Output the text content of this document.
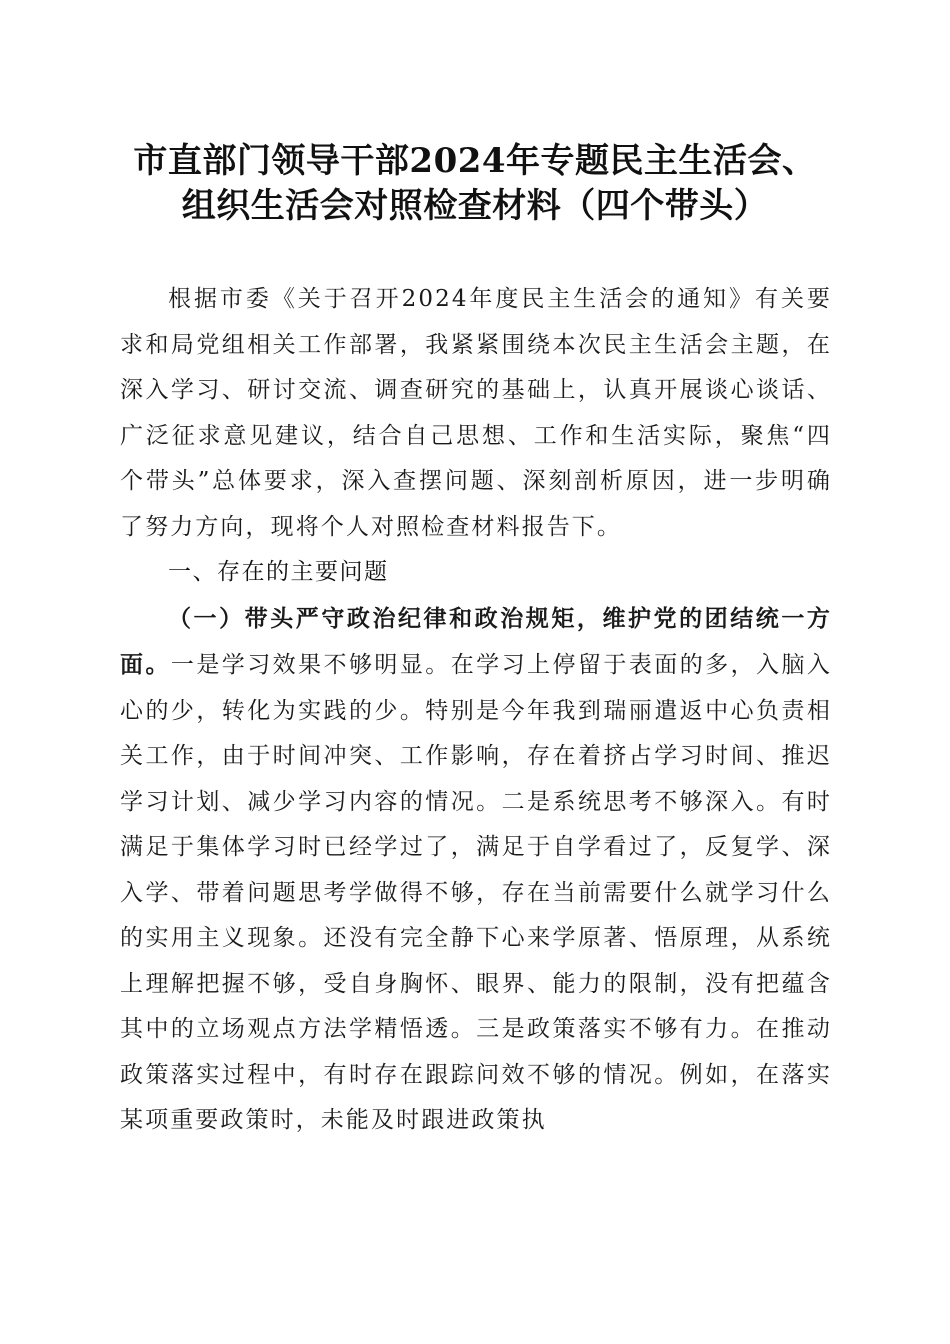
市直部门领导干部2024年专题民主生活会、
组织生活会对照检查材料（四个带头）

根据市委《关于召开2024年度民主生活会的通知》有关要求和局党组相关工作部署，我紧紧围绕本次民主生活会主题，在深入学习、研讨交流、调查研究的基础上，认真开展谈心谈话、广泛征求意见建议，结合自己思想、工作和生活实际，聚焦“四个带头”总体要求，深入查摆问题、深刻剖析原因，进一步明确了努力方向，现将个人对照检查材料报告下。

一、存在的主要问题

（一）带头严守政治纪律和政治规矩，维护党的团结统一方面。一是学习效果不够明显。在学习上停留于表面的多，入脑入心的少，转化为实践的少。特别是今年我到瑞丽遣返中心负责相关工作，由于时间冲突、工作影响，存在着挤占学习时间、推迟学习计划、减少学习内容的情况。二是系统思考不够深入。有时满足于集体学习时已经学过了，满足于自学看过了，反复学、深入学、带着问题思考学做得不够，存在当前需要什么就学习什么的实用主义现象。还没有完全静下心来学原著、悟原理，从系统上理解把握不够，受自身胸怀、眼界、能力的限制，没有把蕴含其中的立场观点方法学精悟透。三是政策落实不够有力。在推动政策落实过程中，有时存在跟踪问效不够的情况。例如，在落实某项重要政策时，未能及时跟进政策执
